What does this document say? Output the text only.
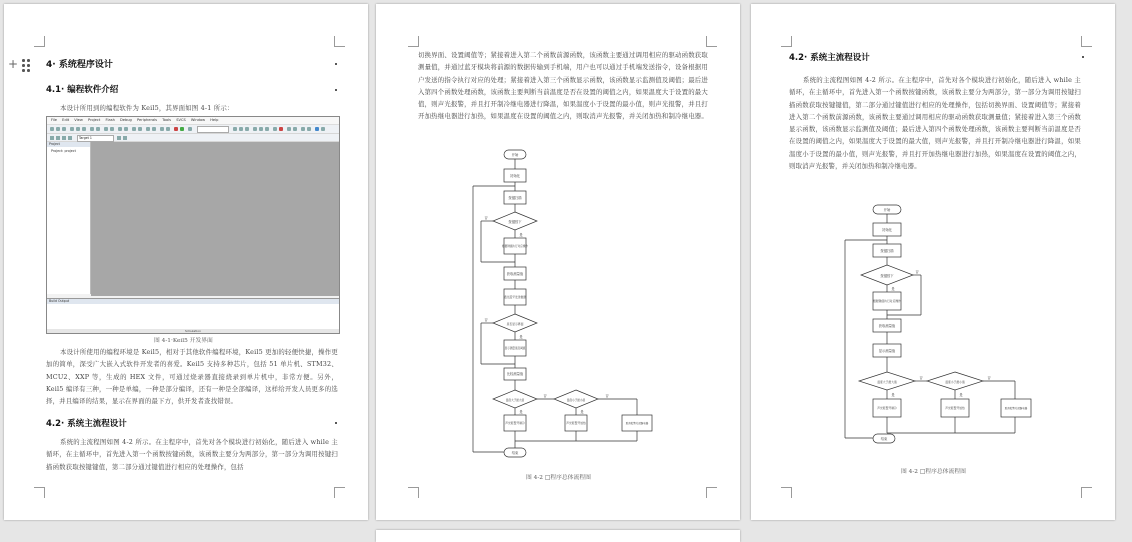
+	4· 系统程序设计
4.1· 编程软件介绍
本设计所用到的编程软件为 Keil5，其界面如图 4-1 所示：
File Edit View Project Flash Debug Peripherals Tools SVCS Window Help
Target 1
Project
Project: project
Build Output
Simulation
图 4-1·Keil5 开发界面
本设计所使用的编程环境是 Keil5，相对于其他软件编程环境，Keil5 更加的轻便快捷，操作更加的简单，深受广大嵌入式软件开发者的喜爱。Keil5 支持多种芯片，包括 51 单片机、STM32、MCU2、XXP 等，生成的 HEX 文件，可通过烧录器直接烧录到单片机中，非常方便。另外，Keil5 编译有三种，一种是单编，一种是部分编译，还有一种是全部编译，这样给开发人员更多的选择，并且编译的结果，显示在界面的最下方，供开发者查找错误。
4.2· 系统主流程设计
系统的主流程图如图 4-2 所示。在主程序中，首先对各个模块进行初始化，随后进入 while 主循环，在主循环中，首先进入第一个函数按键函数，该函数主要分为两部分，第一部分为调用按键扫描函数获取按键键值，第二部分通过键值进行相应的处理操作，包括
切换界面、设置阈值等；紧接着进入第二个函数前源函数，该函数主要通过调用相应的驱动函数获取测量值，并通过蓝牙模块将前源的数据传输到手机端，用户也可以通过手机端发送指令，设备根据用户发送的指令执行对应的处理；紧接着进入第三个函数显示函数，该函数显示监测值及阈值；最后进入第四个函数处理函数，该函数主要判断当前温度是否在设置的阈值之内，如果温度大于设置的最大值，则声光报警，并且打开制冷继电器进行降温，如果温度小于设置的最小值，则声光报警，并且打开加热继电器进行加热，如果温度在设置的阈值之内，则取消声光报警，并关闭加热和制冷继电器。
开始
初始化
按键扫描
按键按下
根据键值执行对应操作
获取测量值
通过蓝牙发送数据
是否显示界面
显示测量值及阈值
比较测量值
温度大于最大值	温度小于最小值
声光报警开制冷	声光报警开加热	取消报警关闭继电器
结束
是
否
是
否
是
否
是
否
图 4-2 □程序总体流程图
4.2· 系统主流程设计
系统的主流程图如图 4-2 所示。在主程序中，首先对各个模块进行初始化，随后进入 while 主循环，在主循环中，首先进入第一个函数按键函数，该函数主要分为两部分，第一部分为调用按键扫描函数获取按键键值，第二部分通过键值进行相应的处理操作，包括切换界面、设置阈值等；紧接着进入第二个函数前源函数，该函数主要通过调用相应的驱动函数获取测量值；紧接着进入第三个函数显示函数，该函数显示监测值及阈值；最后进入第四个函数处理函数，该函数主要判断当前温度是否在设置的阈值之内，如果温度大于设置的最大值，则声光报警，并且打开制冷继电器进行降温，如果温度小于设置的最小值，则声光报警，并且打开加热继电器进行加热，如果温度在设置的阈值之内，则取消声光报警，并关闭加热和制冷继电器。
开始
初始化
按键扫描
按键按下
根据键值执行对应操作
获取测量值
显示测量值
温度大于最大值	温度小于最小值
声光报警开制冷	声光报警开加热	取消报警关闭继电器
结束
是
否
是
否
是
否
图 4-2 □程序总体流程图
